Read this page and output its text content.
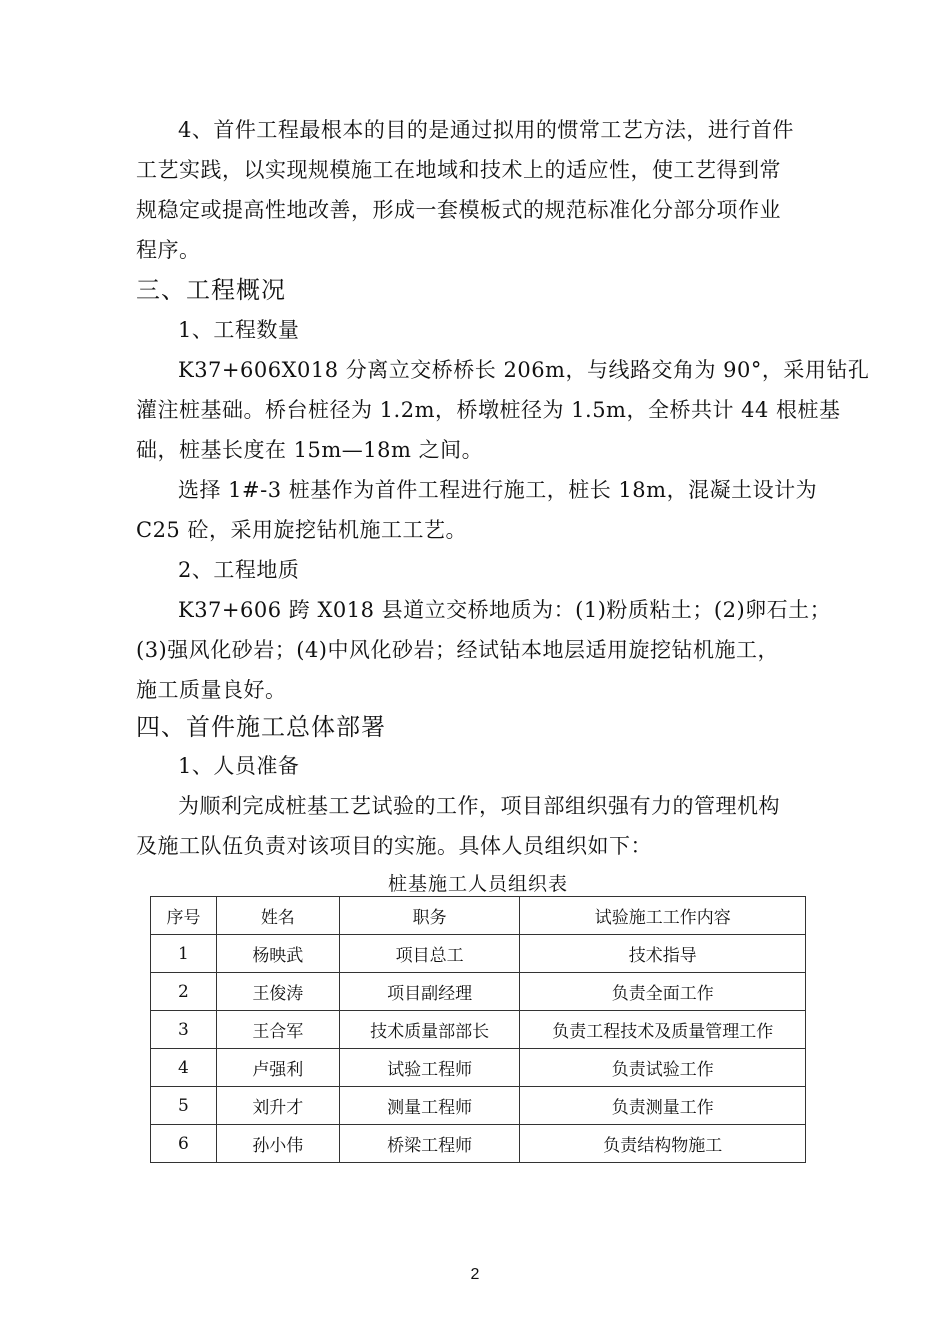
4、首件工程最根本的目的是通过拟用的惯常工艺方法，进行首件
工艺实践，以实现规模施工在地域和技术上的适应性，使工艺得到常
规稳定或提高性地改善，形成一套模板式的规范标准化分部分项作业
程序。
三、工程概况
1、工程数量
K37+606X018 分离立交桥桥长 206m，与线路交角为 90°，采用钻孔
灌注桩基础。桥台桩径为 1.2m，桥墩桩径为 1.5m，全桥共计 44 根桩基
础，桩基长度在 15m—18m 之间。
选择 1#-3 桩基作为首件工程进行施工，桩长 18m，混凝土设计为
C25 砼，采用旋挖钻机施工工艺。
2、工程地质
K37+606 跨 X018 县道立交桥地质为：(1)粉质粘土；(2)卵石土；
(3)强风化砂岩；(4)中风化砂岩；经试钻本地层适用旋挖钻机施工，
施工质量良好。
四、首件施工总体部署
1、人员准备
为顺利完成桩基工艺试验的工作，项目部组织强有力的管理机构
及施工队伍负责对该项目的实施。具体人员组织如下：
桩基施工人员组织表
序号	姓名	职务	试验施工工作内容
1	杨映武	项目总工	技术指导
2	王俊涛	项目副经理	负责全面工作
3	王合军	技术质量部部长	负责工程技术及质量管理工作
4	卢强利	试验工程师	负责试验工作
5	刘升才	测量工程师	负责测量工作
6	孙小伟	桥梁工程师	负责结构物施工
2
